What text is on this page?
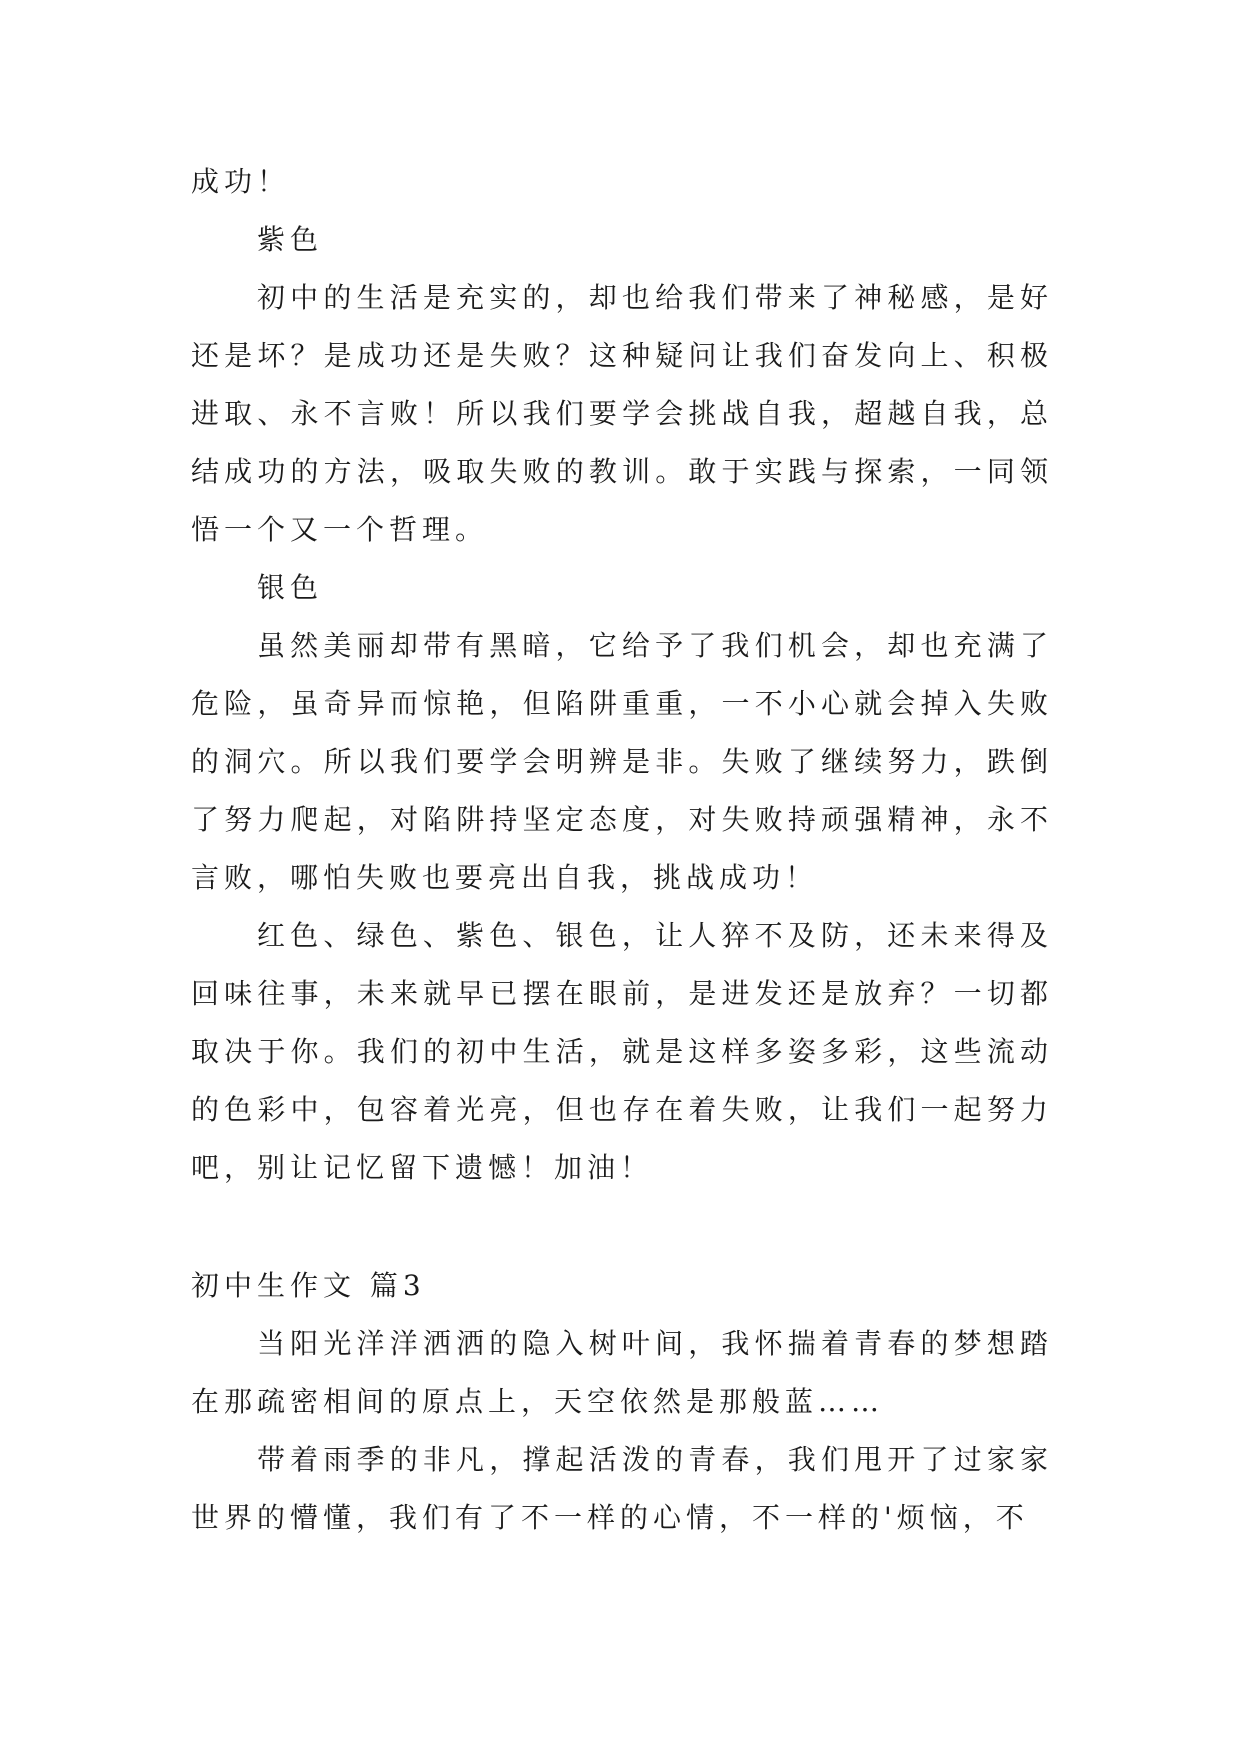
成功！

紫色

初中的生活是充实的，却也给我们带来了神秘感，是好还是坏？是成功还是失败？这种疑问让我们奋发向上、积极进取、永不言败！所以我们要学会挑战自我，超越自我，总结成功的方法，吸取失败的教训。敢于实践与探索，一同领悟一个又一个哲理。

银色

虽然美丽却带有黑暗，它给予了我们机会，却也充满了危险，虽奇异而惊艳，但陷阱重重，一不小心就会掉入失败的洞穴。所以我们要学会明辨是非。失败了继续努力，跌倒了努力爬起，对陷阱持坚定态度，对失败持顽强精神，永不言败，哪怕失败也要亮出自我，挑战成功！

红色、绿色、紫色、银色，让人猝不及防，还未来得及回味往事，未来就早已摆在眼前，是进发还是放弃？一切都取决于你。我们的初中生活，就是这样多姿多彩，这些流动的色彩中，包容着光亮，但也存在着失败，让我们一起努力吧，别让记忆留下遗憾！加油！

初中生作文 篇3

当阳光洋洋洒洒的隐入树叶间，我怀揣着青春的梦想踏在那疏密相间的原点上，天空依然是那般蓝……

带着雨季的非凡，撑起活泼的青春，我们甩开了过家家世界的懵懂，我们有了不一样的心情，不一样的'烦恼，不
